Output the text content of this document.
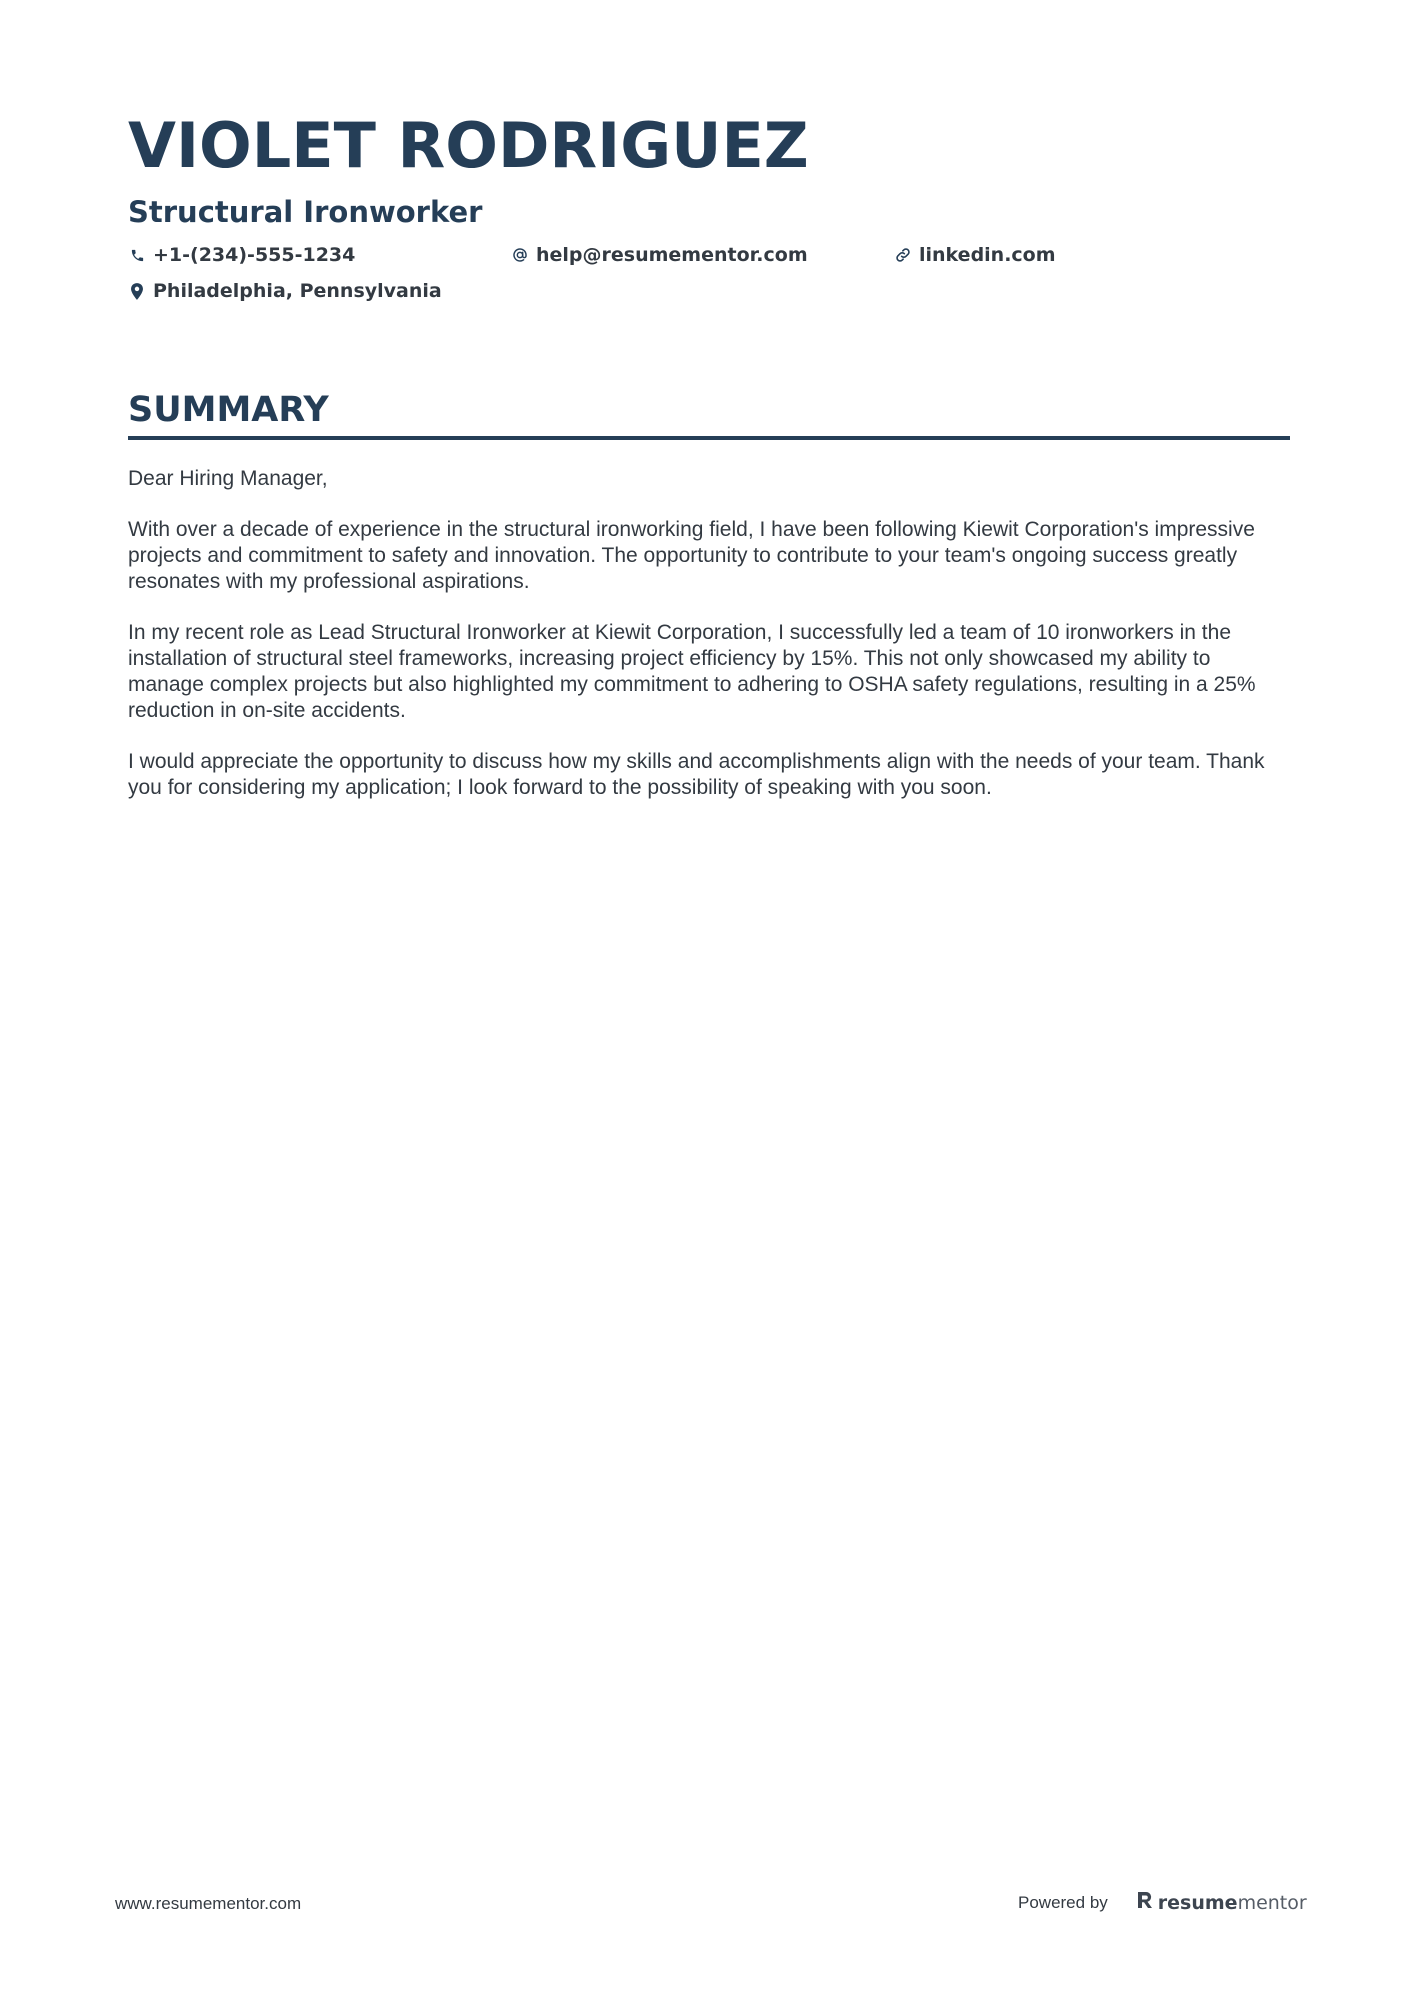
VIOLET RODRIGUEZ
Structural Ironworker
+1-(234)-555-1234	help@resumementor.com	linkedin.com
Philadelphia, Pennsylvania
SUMMARY

Dear Hiring Manager,

With over a decade of experience in the structural ironworking field, I have been following Kiewit Corporation's impressive projects and commitment to safety and innovation. The opportunity to contribute to your team's ongoing success greatly resonates with my professional aspirations.

In my recent role as Lead Structural Ironworker at Kiewit Corporation, I successfully led a team of 10 ironworkers in the installation of structural steel frameworks, increasing project efficiency by 15%. This not only showcased my ability to manage complex projects but also highlighted my commitment to adhering to OSHA safety regulations, resulting in a 25% reduction in on-site accidents.

I would appreciate the opportunity to discuss how my skills and accomplishments align with the needs of your team. Thank you for considering my application; I look forward to the possibility of speaking with you soon.

www.resumementor.com	Powered by	resume mentor
